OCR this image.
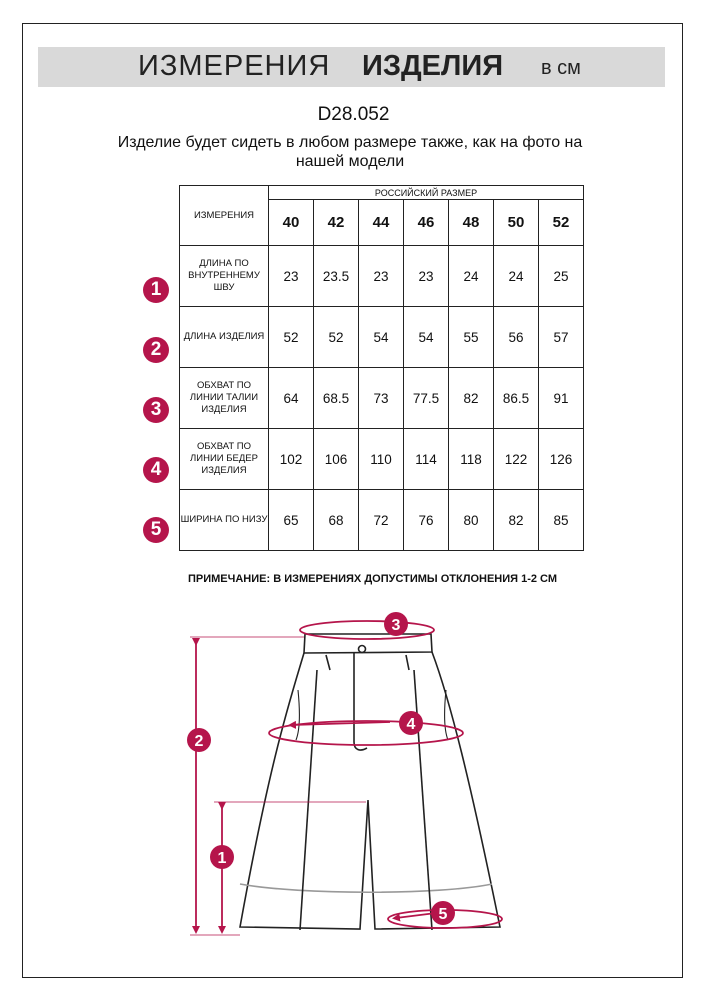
ИЗМЕРЕНИЯ ИЗДЕЛИЯ в см
D28.052
Изделие будет сидеть в любом размере также, как на фото на нашей модели
ИЗМЕРЕНИЯ	РОССИЙСКИЙ РАЗМЕР						
	40	42	44	46	48	50	52
ДЛИНА ПО ВНУТРЕННЕМУ ШВУ	23	23.5	23	23	24	24	25
ДЛИНА ИЗДЕЛИЯ	52	52	54	54	55	56	57
ОБХВАТ ПО ЛИНИИ ТАЛИИ ИЗДЕЛИЯ	64	68.5	73	77.5	82	86.5	91
ОБХВАТ ПО ЛИНИИ БЕДЕР ИЗДЕЛИЯ	102	106	110	114	118	122	126
ШИРИНА ПО НИЗУ	65	68	72	76	80	82	85
1
2
3
4
5
ПРИМЕЧАНИЕ: В ИЗМЕРЕНИЯХ ДОПУСТИМЫ ОТКЛОНЕНИЯ 1-2 СМ
1
2
3
4
5
